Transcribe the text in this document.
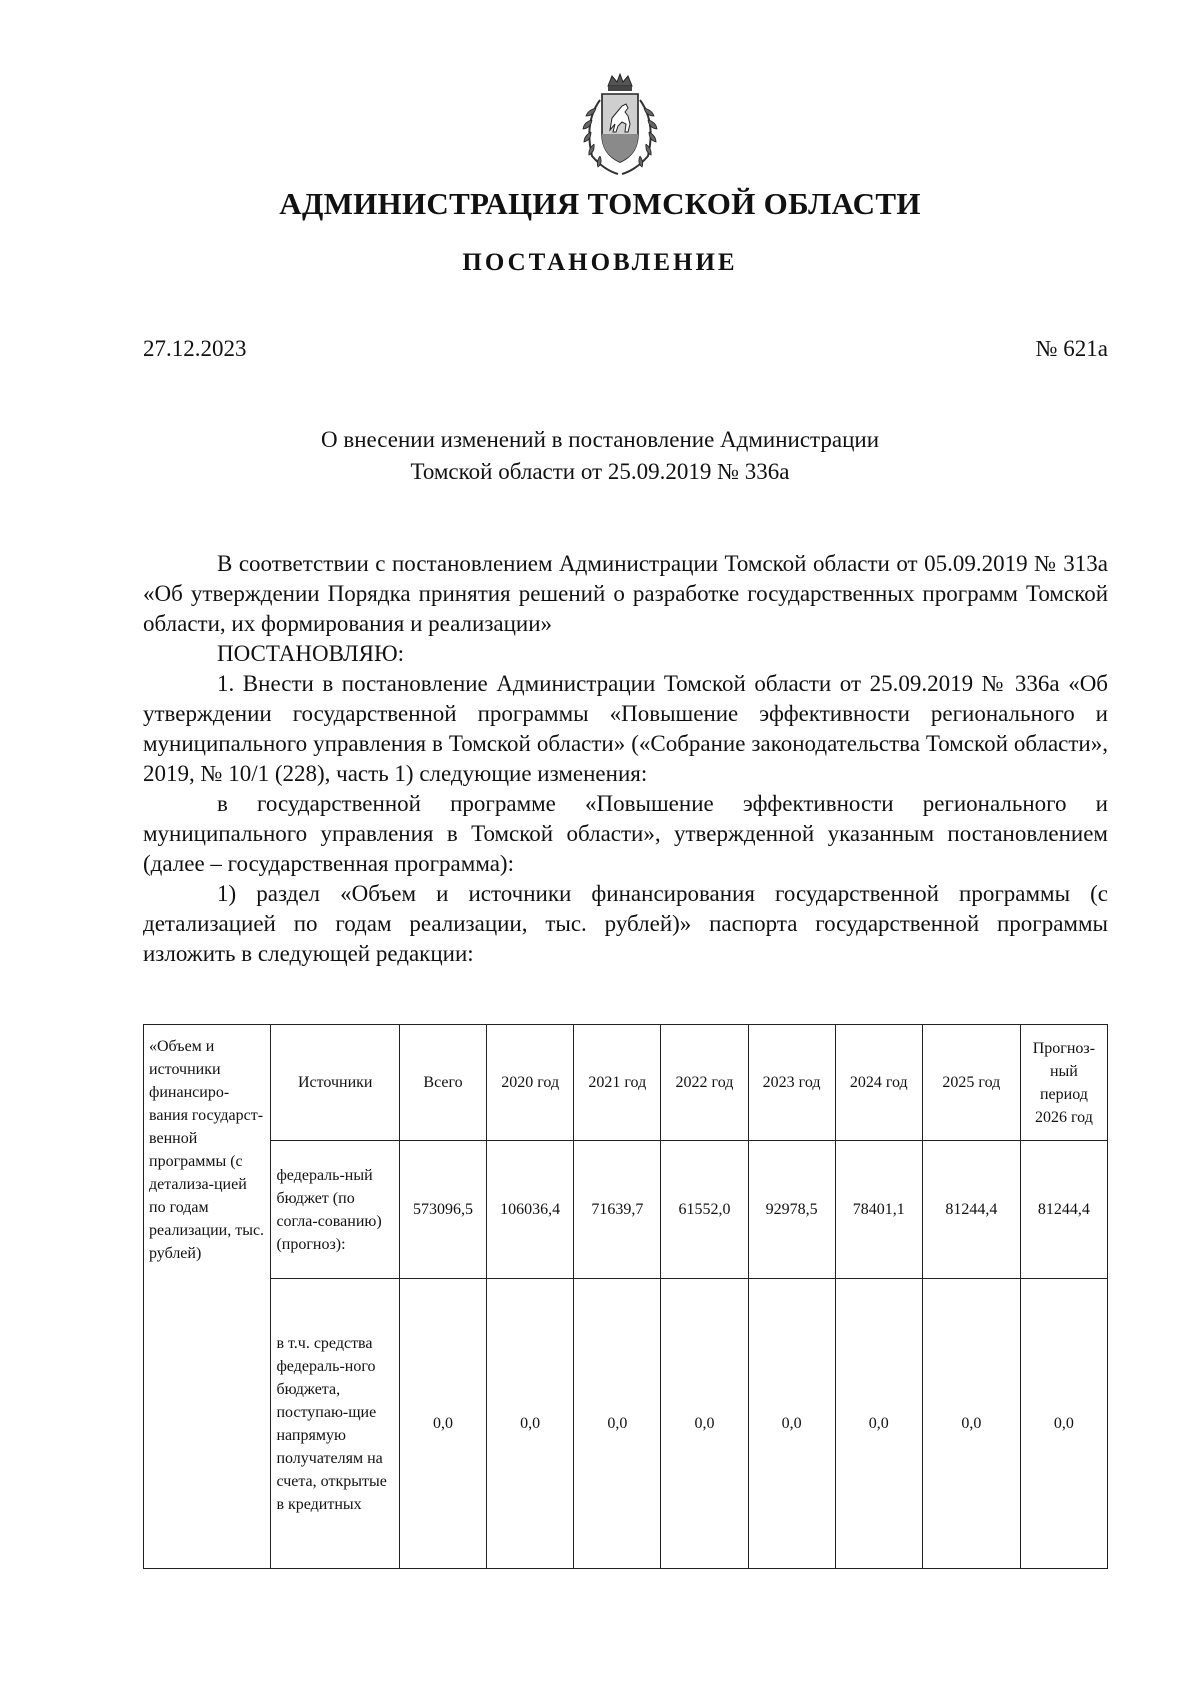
АДМИНИСТРАЦИЯ ТОМСКОЙ ОБЛАСТИ
ПОСТАНОВЛЕНИЕ
27.12.2023	№ 621а
О внесении изменений в постановление Администрации
Томской области от 25.09.2019 № 336а

В соответствии с постановлением Администрации Томской области от 05.09.2019 № 313а «Об утверждении Порядка принятия решений о разработке государственных программ Томской области, их формирования и реализации»

ПОСТАНОВЛЯЮ:

1. Внести в постановление Администрации Томской области от 25.09.2019 № 336а «Об утверждении государственной программы «Повышение эффективности регионального и муниципального управления в Томской области» («Собрание законодательства Томской области», 2019, № 10/1 (228), часть 1) следующие изменения:

в государственной программе «Повышение эффективности регионального и муниципального управления в Томской области», утвержденной указанным постановлением (далее – государственная программа):

1) раздел «Объем и источники финансирования государственной программы (с детализацией по годам реализации, тыс. рублей)» паспорта государственной программы изложить в следующей редакции:

«Объем и источники финансиро-вания государст-венной программы (с детализа-цией по годам реализации, тыс. рублей)	Источники	Всего	2020 год	2021 год	2022 год	2023 год	2024 год	2025 год	Прогноз-ный период 2026 год
	федераль-ный бюджет (по согла-сованию) (прогноз):	573096,5	106036,4	71639,7	61552,0	92978,5	78401,1	81244,4	81244,4
	в т.ч. средства федераль-ного бюджета, поступаю-щие напрямую получателям на счета, открытые в кредитных	0,0	0,0	0,0	0,0	0,0	0,0	0,0	0,0
